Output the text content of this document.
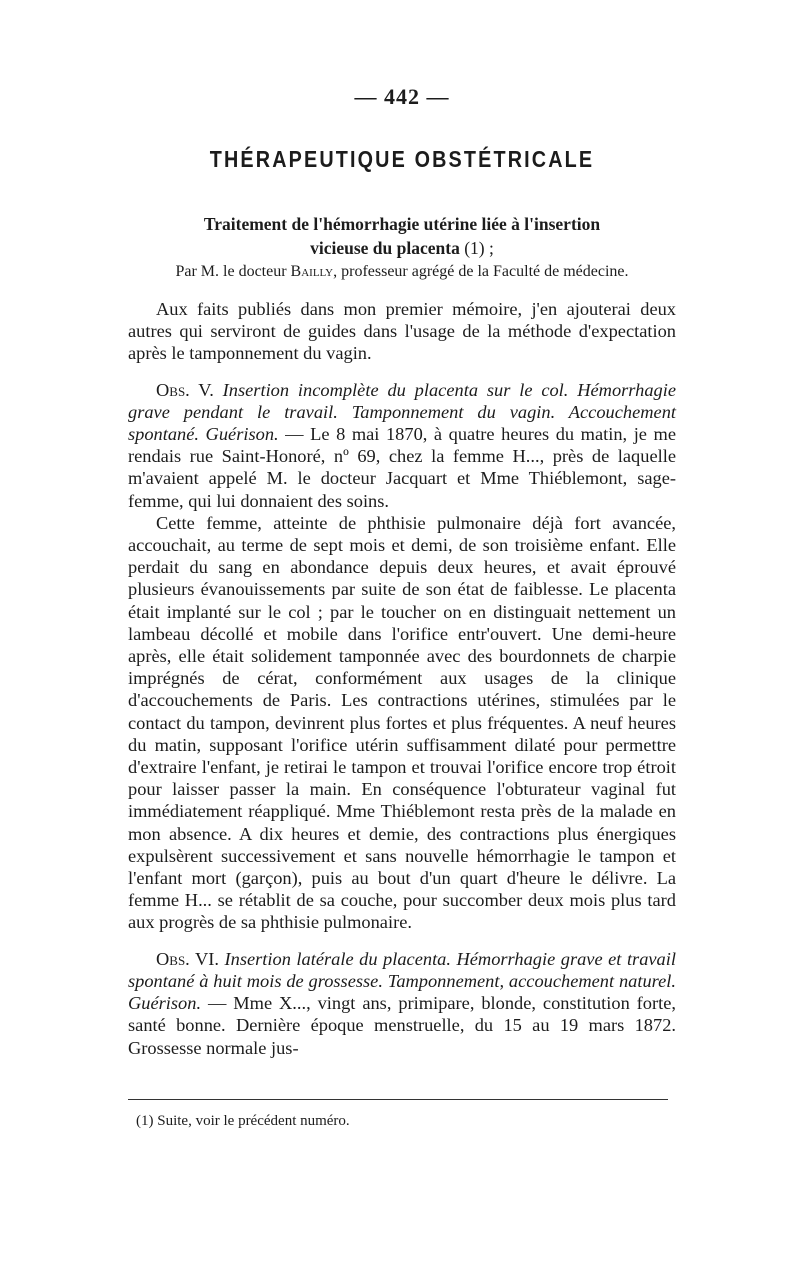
— 442 —
THÉRAPEUTIQUE OBSTÉTRICALE
Traitement de l'hémorrhagie utérine liée à l'insertion
vicieuse du placenta (1) ;
Par M. le docteur Bailly, professeur agrégé de la Faculté de médecine.

Aux faits publiés dans mon premier mémoire, j'en ajouterai deux autres qui serviront de guides dans l'usage de la méthode d'expectation après le tamponnement du vagin.

Obs. V. Insertion incomplète du placenta sur le col. Hémorrhagie grave pendant le travail. Tamponnement du vagin. Accouchement spontané. Guérison. — Le 8 mai 1870, à quatre heures du matin, je me rendais rue Saint-Honoré, nº 69, chez la femme H..., près de laquelle m'avaient appelé M. le docteur Jacquart et Mme Thiéblemont, sage-femme, qui lui donnaient des soins.

Cette femme, atteinte de phthisie pulmonaire déjà fort avancée, accouchait, au terme de sept mois et demi, de son troisième enfant. Elle perdait du sang en abondance depuis deux heures, et avait éprouvé plusieurs évanouissements par suite de son état de faiblesse. Le placenta était implanté sur le col ; par le toucher on en distinguait nettement un lambeau décollé et mobile dans l'orifice entr'ouvert. Une demi-heure après, elle était solidement tamponnée avec des bourdonnets de charpie imprégnés de cérat, conformément aux usages de la clinique d'accouchements de Paris. Les contractions utérines, stimulées par le contact du tampon, devinrent plus fortes et plus fréquentes. A neuf heures du matin, supposant l'orifice utérin suffisamment dilaté pour permettre d'extraire l'enfant, je retirai le tampon et trouvai l'orifice encore trop étroit pour laisser passer la main. En conséquence l'obturateur vaginal fut immédiatement réappliqué. Mme Thiéblemont resta près de la malade en mon absence. A dix heures et demie, des contractions plus énergiques expulsèrent successivement et sans nouvelle hémorrhagie le tampon et l'enfant mort (garçon), puis au bout d'un quart d'heure le délivre. La femme H... se rétablit de sa couche, pour succomber deux mois plus tard aux progrès de sa phthisie pulmonaire.

Obs. VI. Insertion latérale du placenta. Hémorrhagie grave et travail spontané à huit mois de grossesse. Tamponnement, accouchement naturel. Guérison. — Mme X..., vingt ans, primipare, blonde, constitution forte, santé bonne. Dernière époque menstruelle, du 15 au 19 mars 1872. Grossesse normale jus-

(1) Suite, voir le précédent numéro.
